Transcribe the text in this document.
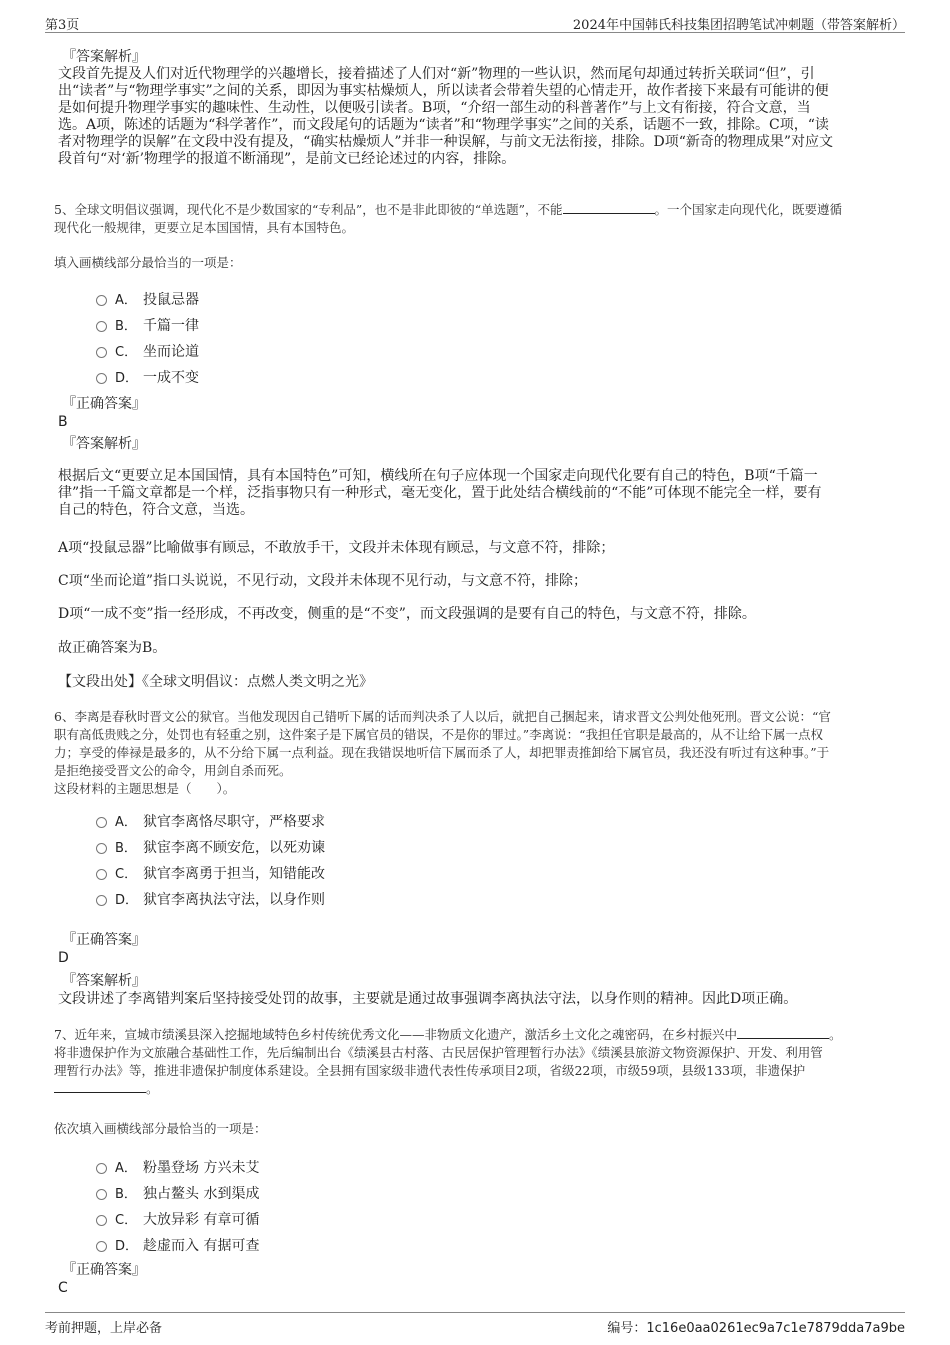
第3页	2024年中国韩氏科技集团招聘笔试冲刺题（带答案解析）
『答案解析』
文段首先提及人们对近代物理学的兴趣增长，接着描述了人们对“新”物理的一些认识，然而尾句却通过转折关联词“但”，引
出“读者”与“物理学事实”之间的关系，即因为事实枯燥烦人，所以读者会带着失望的心情走开，故作者接下来最有可能讲的便
是如何提升物理学事实的趣味性、生动性，以便吸引读者。B项，“介绍一部生动的科普著作”与上文有衔接，符合文意，当
选。A项，陈述的话题为“科学著作”，而文段尾句的话题为“读者”和“物理学事实”之间的关系，话题不一致，排除。C项，“读
者对物理学的误解”在文段中没有提及，“确实枯燥烦人”并非一种误解，与前文无法衔接，排除。D项“新奇的物理成果”对应文
段首句“对‘新’物理学的报道不断涌现”，是前文已经论述过的内容，排除。
5、全球文明倡议强调，现代化不是少数国家的“专利品”，也不是非此即彼的“单选题”，不能	。一个国家走向现代化，既要遵循
现代化一般规律，更要立足本国国情，具有本国特色。
填入画横线部分最恰当的一项是：
A． 投鼠忌器
B． 千篇一律
C． 坐而论道
D． 一成不变
『正确答案』
B
『答案解析』
根据后文“更要立足本国国情，具有本国特色”可知，横线所在句子应体现一个国家走向现代化要有自己的特色，B项“千篇一
律”指一千篇文章都是一个样，泛指事物只有一种形式，毫无变化，置于此处结合横线前的“不能”可体现不能完全一样，要有
自己的特色，符合文意，当选。
A项“投鼠忌器”比喻做事有顾忌，不敢放手干，文段并未体现有顾忌，与文意不符，排除；
C项“坐而论道”指口头说说，不见行动，文段并未体现不见行动，与文意不符，排除；
D项“一成不变”指一经形成，不再改变，侧重的是“不变”，而文段强调的是要有自己的特色，与文意不符，排除。
故正确答案为B。
【文段出处】《全球文明倡议：点燃人类文明之光》
6、李离是春秋时晋文公的狱官。当他发现因自己错听下属的话而判决杀了人以后，就把自己捆起来，请求晋文公判处他死刑。晋文公说：“官
职有高低贵贱之分，处罚也有轻重之别，这件案子是下属官员的错误，不是你的罪过。”李离说：“我担任官职是最高的，从不让给下属一点权
力；享受的俸禄是最多的，从不分给下属一点利益。现在我错误地听信下属而杀了人，却把罪责推卸给下属官员，我还没有听过有这种事。”于
是拒绝接受晋文公的命令，用剑自杀而死。
这段材料的主题思想是（　　）。
A． 狱官李离恪尽职守，严格要求
B． 狱宦李离不顾安危，以死劝谏
C． 狱官李离勇于担当，知错能改
D． 狱官李离执法守法，以身作则
『正确答案』
D
『答案解析』
文段讲述了李离错判案后坚持接受处罚的故事，主要就是通过故事强调李离执法守法，以身作则的精神。因此D项正确。
7、近年来，宣城市绩溪县深入挖掘地域特色乡村传统优秀文化——非物质文化遗产，激活乡土文化之魂密码，在乡村振兴中	。
将非遗保护作为文旅融合基础性工作，先后编制出台《绩溪县古村落、古民居保护管理暂行办法》《绩溪县旅游文物资源保护、开发、利用管
理暂行办法》等，推进非遗保护制度体系建设。全县拥有国家级非遗代表性传承项目2项，省级22项，市级59项，县级133项，非遗保护
。
依次填入画横线部分最恰当的一项是：
A． 粉墨登场 方兴未艾
B． 独占鳌头 水到渠成
C． 大放异彩 有章可循
D． 趁虚而入 有据可查
『正确答案』
C
考前押题，上岸必备	编号：1c16e0aa0261ec9a7c1e7879dda7a9be
